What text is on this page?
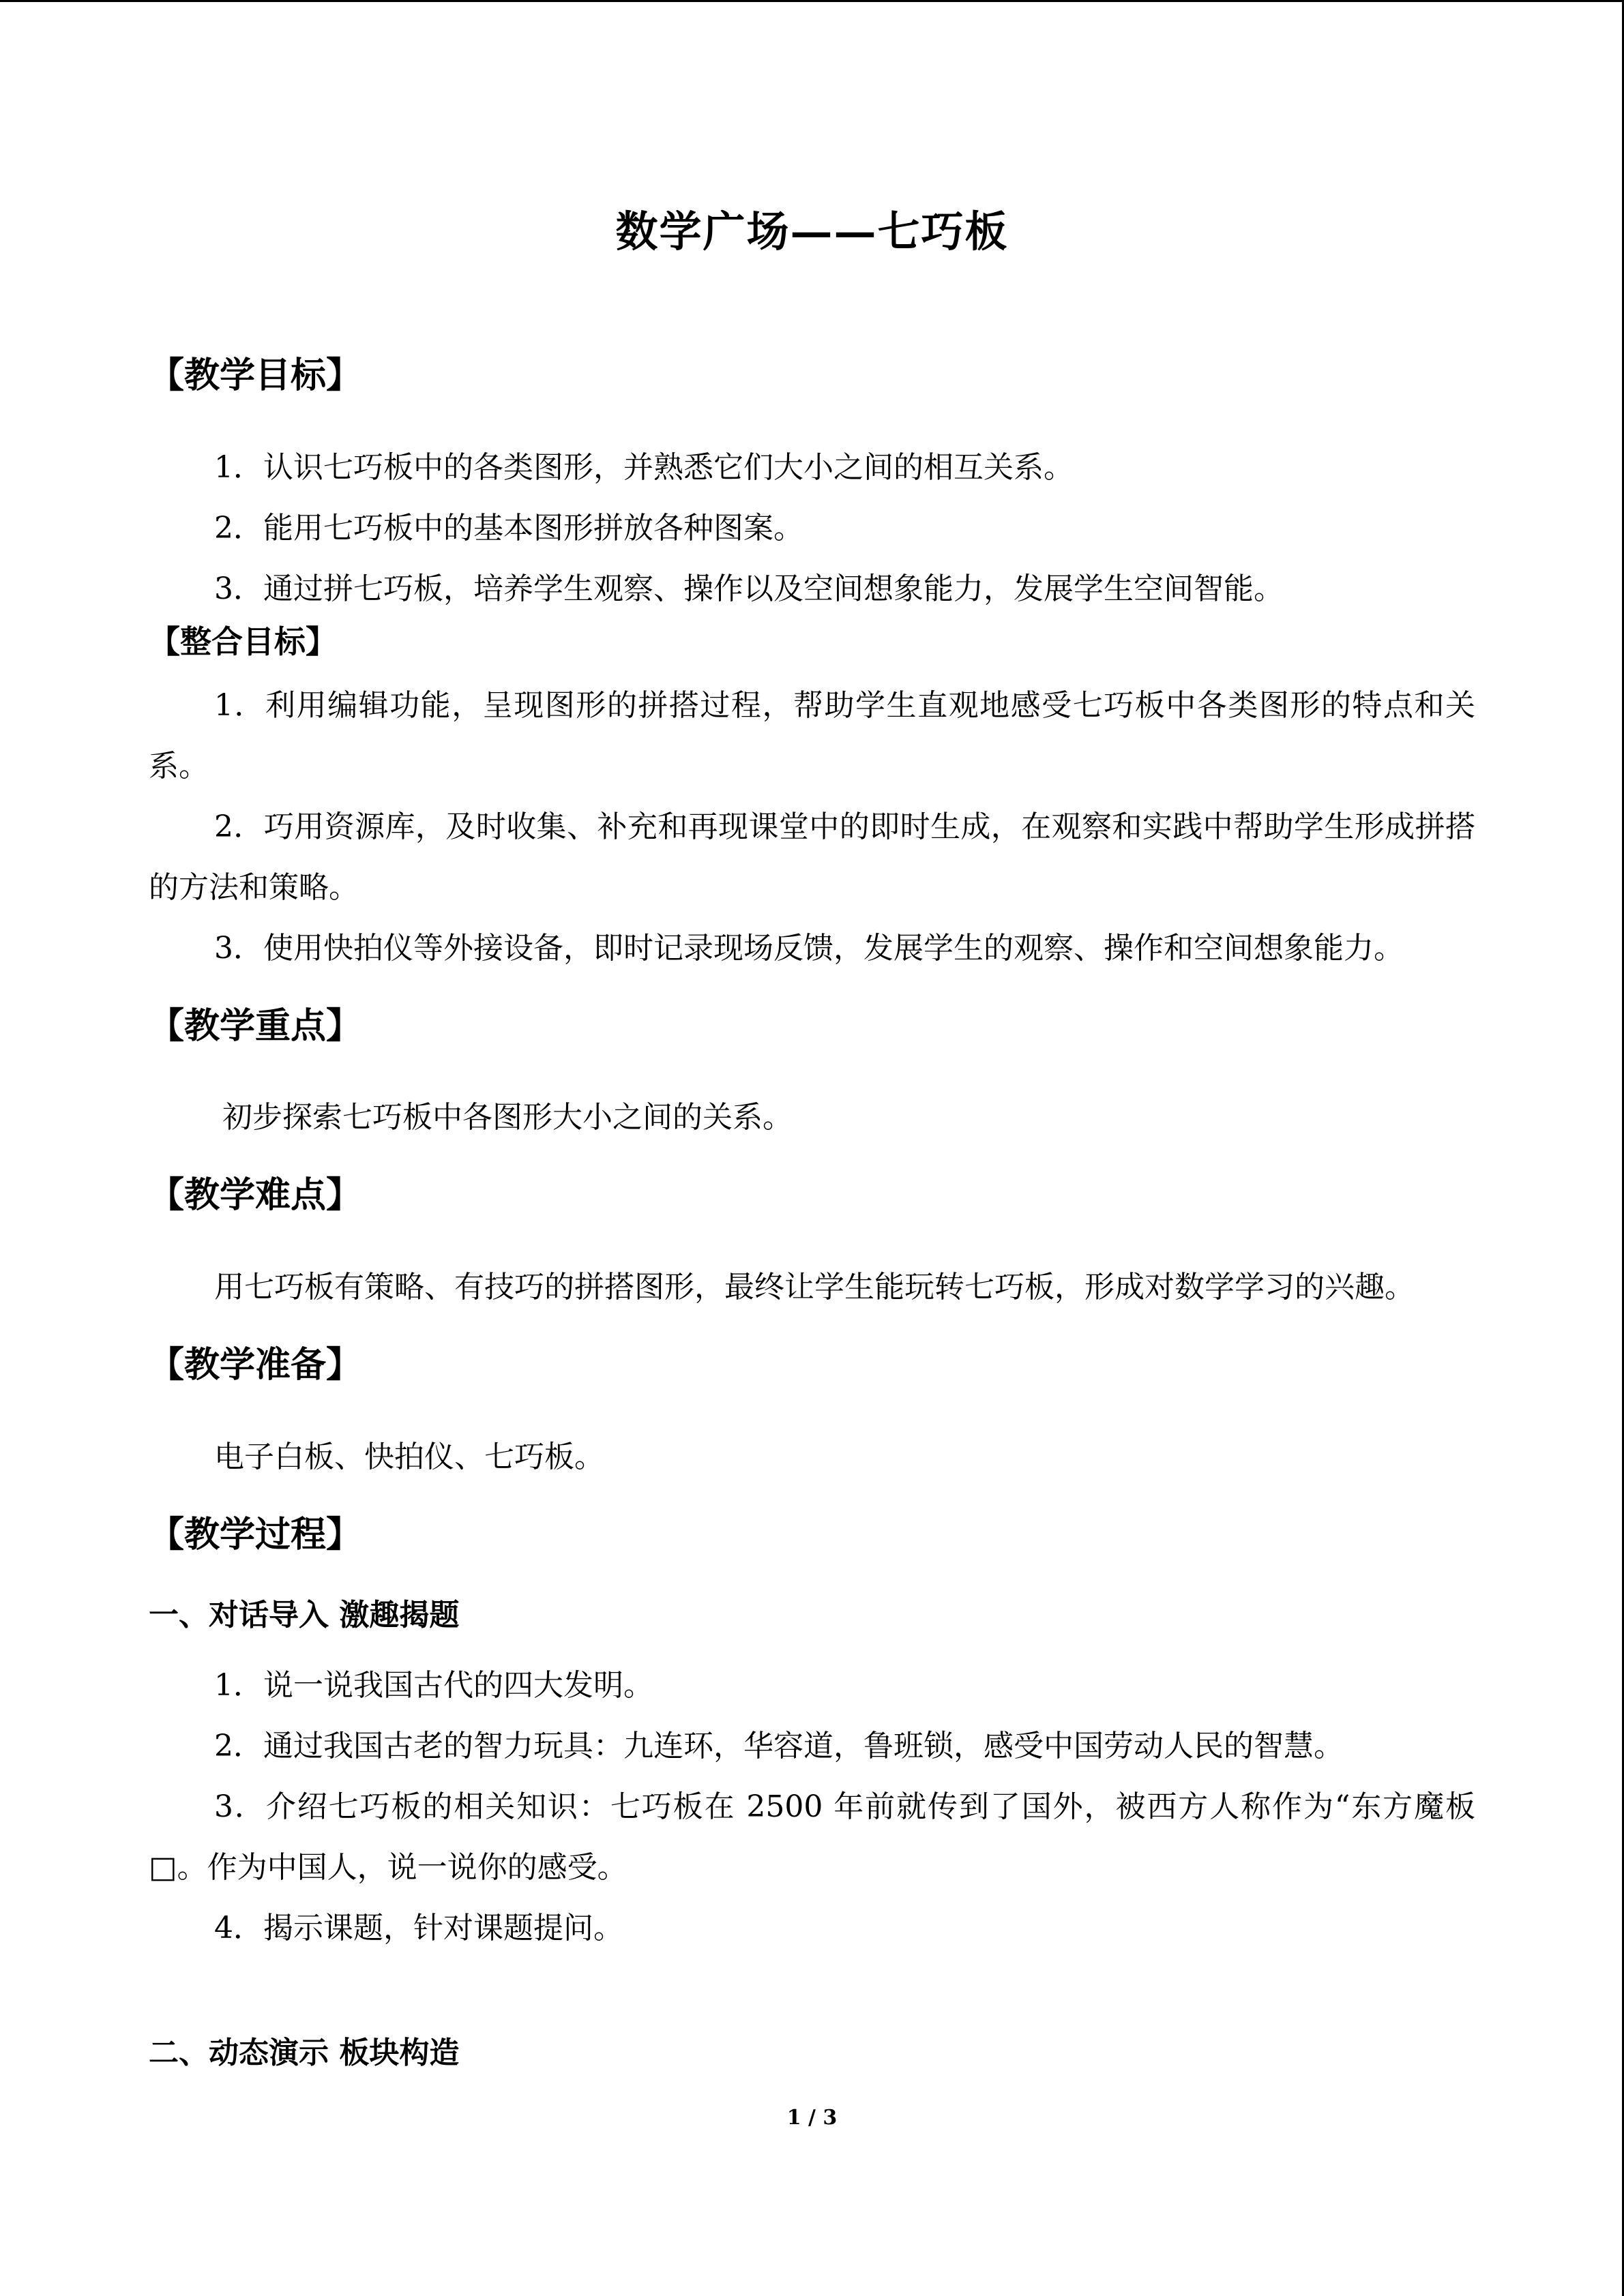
数学广场——七巧板
【教学目标】

1．认识七巧板中的各类图形，并熟悉它们大小之间的相互关系。

2．能用七巧板中的基本图形拼放各种图案。

3．通过拼七巧板，培养学生观察、操作以及空间想象能力，发展学生空间智能。

【整合目标】

1．利用编辑功能，呈现图形的拼搭过程，帮助学生直观地感受七巧板中各类图形的特点和关系。

2．巧用资源库，及时收集、补充和再现课堂中的即时生成，在观察和实践中帮助学生形成拼搭的方法和策略。

3．使用快拍仪等外接设备，即时记录现场反馈，发展学生的观察、操作和空间想象能力。

【教学重点】

初步探索七巧板中各图形大小之间的关系。

【教学难点】

用七巧板有策略、有技巧的拼搭图形，最终让学生能玩转七巧板，形成对数学学习的兴趣。

【教学准备】

电子白板、快拍仪、七巧板。

【教学过程】
一、对话导入 激趣揭题

1．说一说我国古代的四大发明。

2．通过我国古老的智力玩具：九连环，华容道，鲁班锁，感受中国劳动人民的智慧。

3．介绍七巧板的相关知识：七巧板在 2500 年前就传到了国外，被西方人称作为“东方魔板□。作为中国人，说一说你的感受。

4．揭示课题，针对课题提问。

二、动态演示 板块构造
1 / 3
